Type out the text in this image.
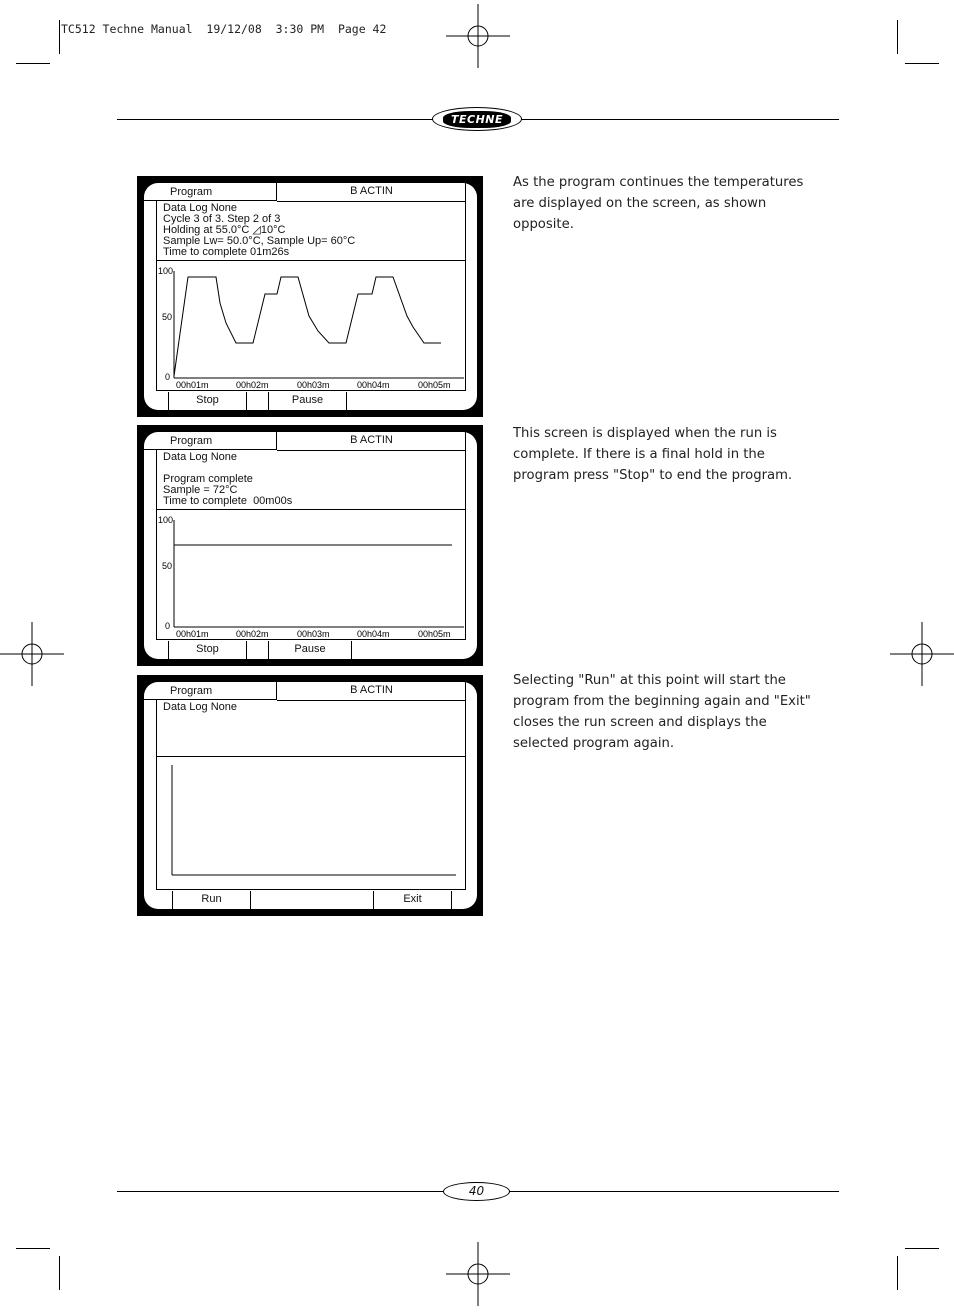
TC512 Techne Manual  19/12/08  3:30 PM  Page 42
TECHNE
40
Program	B ACTIN
Data Log None
Cycle 3 of 3. Step 2 of 3
Holding at 55.0°C ◿10°C
Sample Lw= 50.0°C, Sample Up= 60°C
Time to complete 01m26s
100
50
0
00h01m	00h02m	00h03m	00h04m	00h05m
Stop	Pause
Program	B ACTIN
Data Log None

Program complete
Sample = 72°C
Time to complete  00m00s
100
50
0
00h01m	00h02m	00h03m	00h04m	00h05m
Stop	Pause
Program	B ACTIN
Data Log None
Run	Exit

As the program continues the temperatures are displayed on the screen, as shown opposite.

This screen is displayed when the run is complete. If there is a final hold in the program press "Stop" to end the program.

Selecting "Run" at this point will start the program from the beginning again and "Exit" closes the run screen and displays the selected program again.
